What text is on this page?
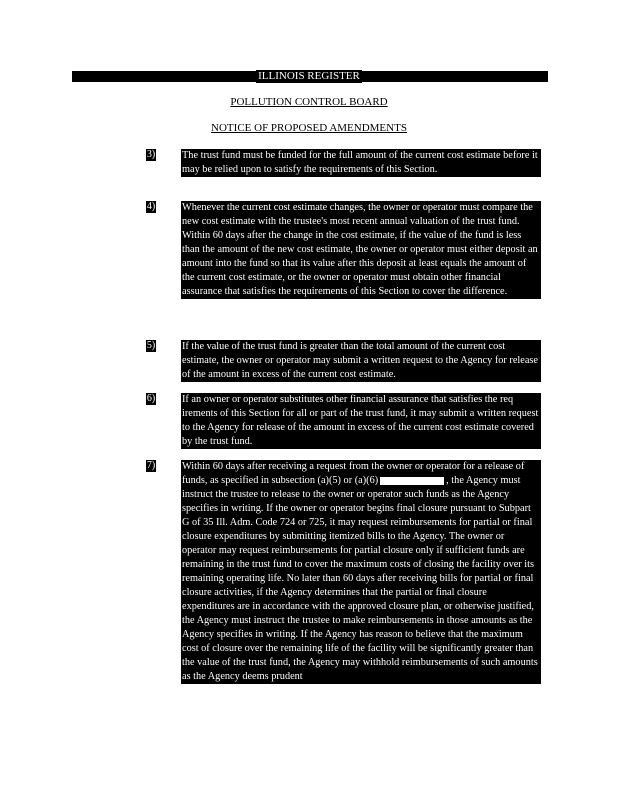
ILLINOIS REGISTER
POLLUTION CONTROL BOARD
NOTICE OF PROPOSED AMENDMENTS
3)	The trust fund must be funded for the full amount of the current cost estimate before it may be relied upon to satisfy the requirements of this Section.
4)	Whenever the current cost estimate changes, the owner or operator must compare the new cost estimate with the trustee's most recent annual valuation of the trust fund. Within 60 days after the change in the cost estimate, if the value of the fund is less than the amount of the new cost estimate, the owner or operator must either deposit an amount into the fund so that its value after this deposit at least equals the amount of the current cost estimate, or the owner or operator must obtain other financial assurance that satisfies the requirements of this Section to cover the difference.
5)	If the value of the trust fund is greater than the total amount of the current cost estimate, the owner or operator may submit a written request to the Agency for release of the amount in excess of the current cost estimate.
6)	If an owner or operator substitutes other financial assurance that satisfies the req irements of this Section for all or part of the trust fund, it may submit a written request to the Agency for release of the amount in excess of the current cost estimate covered by the trust fund.
7)	Within 60 days after receiving a request from the owner or operator for a release of funds, as specified in subsection (a)(5) or (a)(6)	, the Agency must instruct the trustee to release to the owner or operator such funds as the Agency specifies in writing. If the owner or operator begins final closure pursuant to Subpart G of 35 Ill. Adm. Code 724 or 725, it may request reimbursements for partial or final closure expenditures by submitting itemized bills to the Agency. The owner or operator may request reimbursements for partial closure only if sufficient funds are remaining in the trust fund to cover the maximum costs of closing the facility over its remaining operating life. No later than 60 days after receiving bills for partial or final closure activities, if the Agency determines that the partial or final closure expenditures are in accordance with the approved closure plan, or otherwise justified, the Agency must instruct the trustee to make reimbursements in those amounts as the Agency specifies in writing. If the Agency has reason to believe that the maximum cost of closure over the remaining life of the facility will be significantly greater than the value of the trust fund, the Agency may withhold reimbursements of such amounts as the Agency deems prudent
